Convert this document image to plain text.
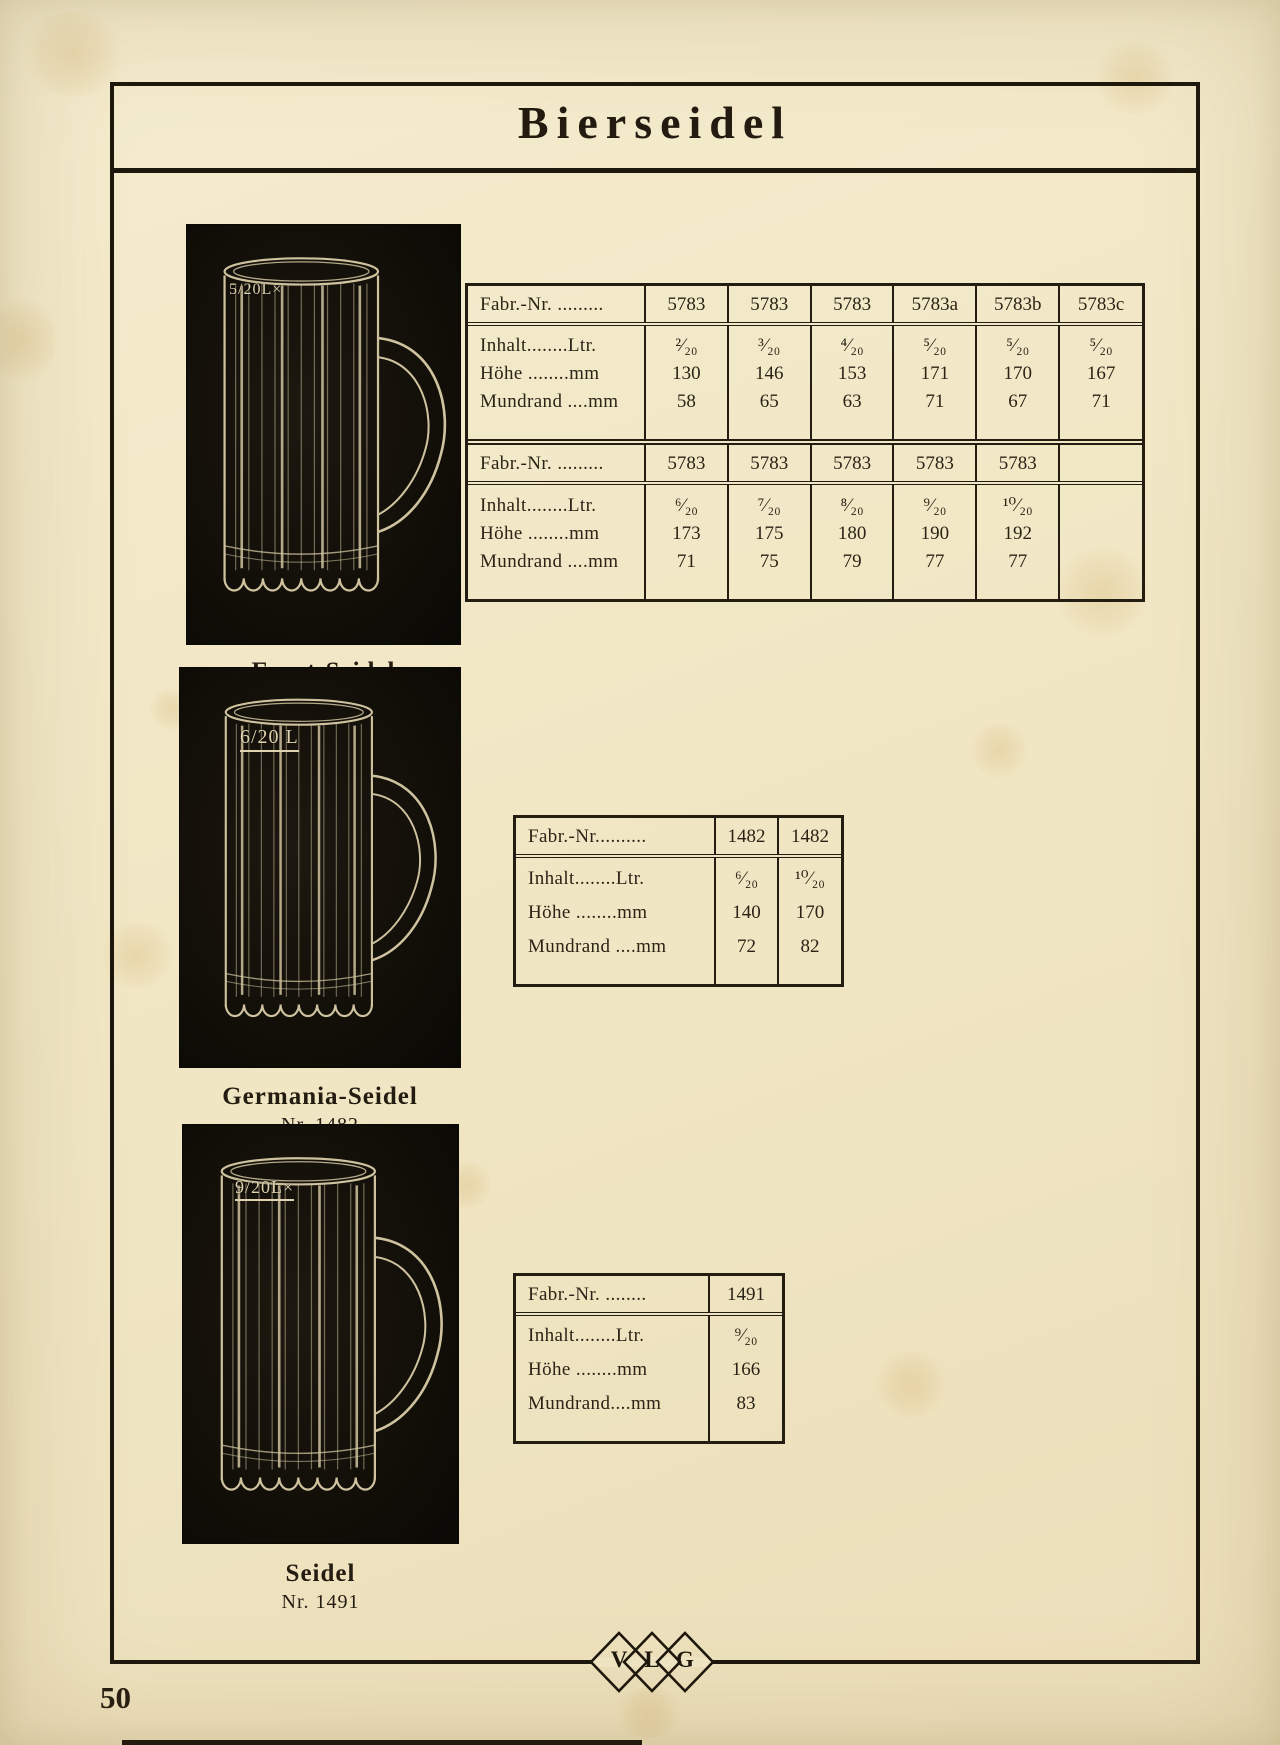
Bierseidel
5/20L×
Fabr.-Nr. .........	5783	5783	5783	5783a	5783b	5783c
Inhalt........Ltr.	²⁄₂₀	³⁄₂₀	⁴⁄₂₀	⁵⁄₂₀	⁵⁄₂₀	⁵⁄₂₀
Höhe ........mm	130	146	153	171	170	167
Mundrand ....mm	58	65	63	71	67	71
Fabr.-Nr. .........	5783	5783	5783	5783	5783	
Inhalt........Ltr.	⁶⁄₂₀	⁷⁄₂₀	⁸⁄₂₀	⁹⁄₂₀	¹⁰⁄₂₀	
Höhe ........mm	173	175	180	190	192	
Mundrand ....mm	71	75	79	77	77	
6/20 L
Germania-Seidel
Fabr.-Nr..........	1482	1482
Inhalt........Ltr.	⁶⁄₂₀	¹⁰⁄₂₀
Höhe ........mm	140	170
Mundrand ....mm	72	82
9/20L×
Seidel
Nr. 1491
Fabr.-Nr. ........	1491
Inhalt........Ltr.	⁹⁄₂₀
Höhe ........mm	166
Mundrand....mm	83
V L G
50
